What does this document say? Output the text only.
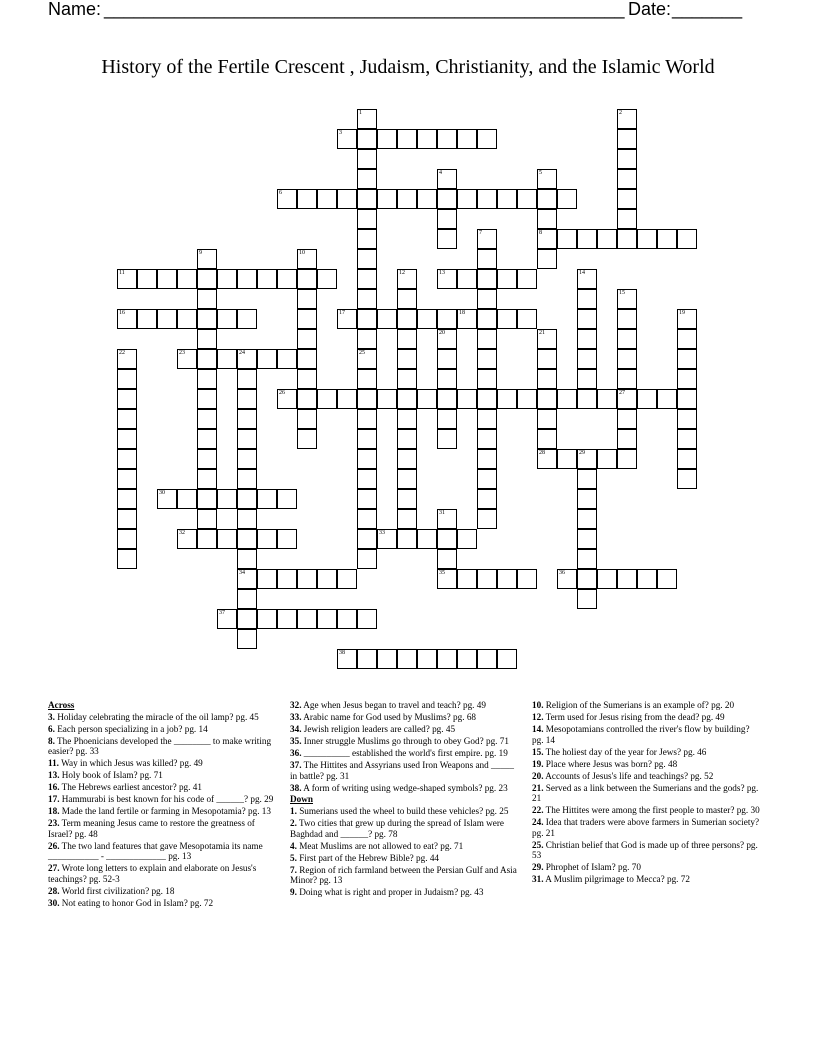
Name: ____________________________________________________ Date: _______
History of the Fertile Crescent , Judaism, Christianity, and the Islamic World
3
6
8
11	13
16	17	18
23	24
26	27
28	29
30
32	33
34	35	36
37
38
1	2
4	5
7
9	10
12	14
15
19
20	21
22	25
31
Across
3. Holiday celebrating the miracle of the oil lamp? pg. 45
6. Each person specializing in a job? pg. 14
8. The Phoenicians developed the ________ to make writing easier? pg. 33
11. Way in which Jesus was killed? pg. 49
13. Holy book of Islam? pg. 71
16. The Hebrews earliest ancestor? pg. 41
17. Hammurabi is best known for his code of ______? pg. 29
18. Made the land fertile or farming in Mesopotamia? pg. 13
23. Term meaning Jesus came to restore the greatness of Israel? pg. 48
26. The two land features that gave Mesopotamia its name ___________ - _____________ pg. 13
27. Wrote long letters to explain and elaborate on Jesus's teachings? pg. 52-3
28. World first civilization? pg. 18
30. Not eating to honor God in Islam? pg. 72
32. Age when Jesus began to travel and teach? pg. 49
33. Arabic name for God used by Muslims? pg. 68
34. Jewish religion leaders are called? pg. 45
35. Inner struggle Muslims go through to obey God? pg. 71
36. __________ established the world's first empire. pg. 19
37. The Hittites and Assyrians used Iron Weapons and _____ in battle? pg. 31
38. A form of writing using wedge-shaped symbols? pg. 23
Down
1. Sumerians used the wheel to build these vehicles? pg. 25
2. Two cities that grew up during the spread of Islam were Baghdad and ______? pg. 78
4. Meat Muslims are not allowed to eat? pg. 71
5. First part of the Hebrew Bible? pg. 44
7. Region of rich farmland between the Persian Gulf and Asia Minor? pg. 13
9. Doing what is right and proper in Judaism? pg. 43
10. Religion of the Sumerians is an example of? pg. 20
12. Term used for Jesus rising from the dead? pg. 49
14. Mesopotamians controlled the river's flow by building? pg. 14
15. The holiest day of the year for Jews? pg. 46
19. Place where Jesus was born? pg. 48
20. Accounts of Jesus's life and teachings? pg. 52
21. Served as a link between the Sumerians and the gods? pg. 21
22. The Hittites were among the first people to master? pg. 30
24. Idea that traders were above farmers in Sumerian society? pg. 21
25. Christian belief that God is made up of three persons? pg. 53
29. Phrophet of Islam? pg. 70
31. A Muslim pilgrimage to Mecca? pg. 72
